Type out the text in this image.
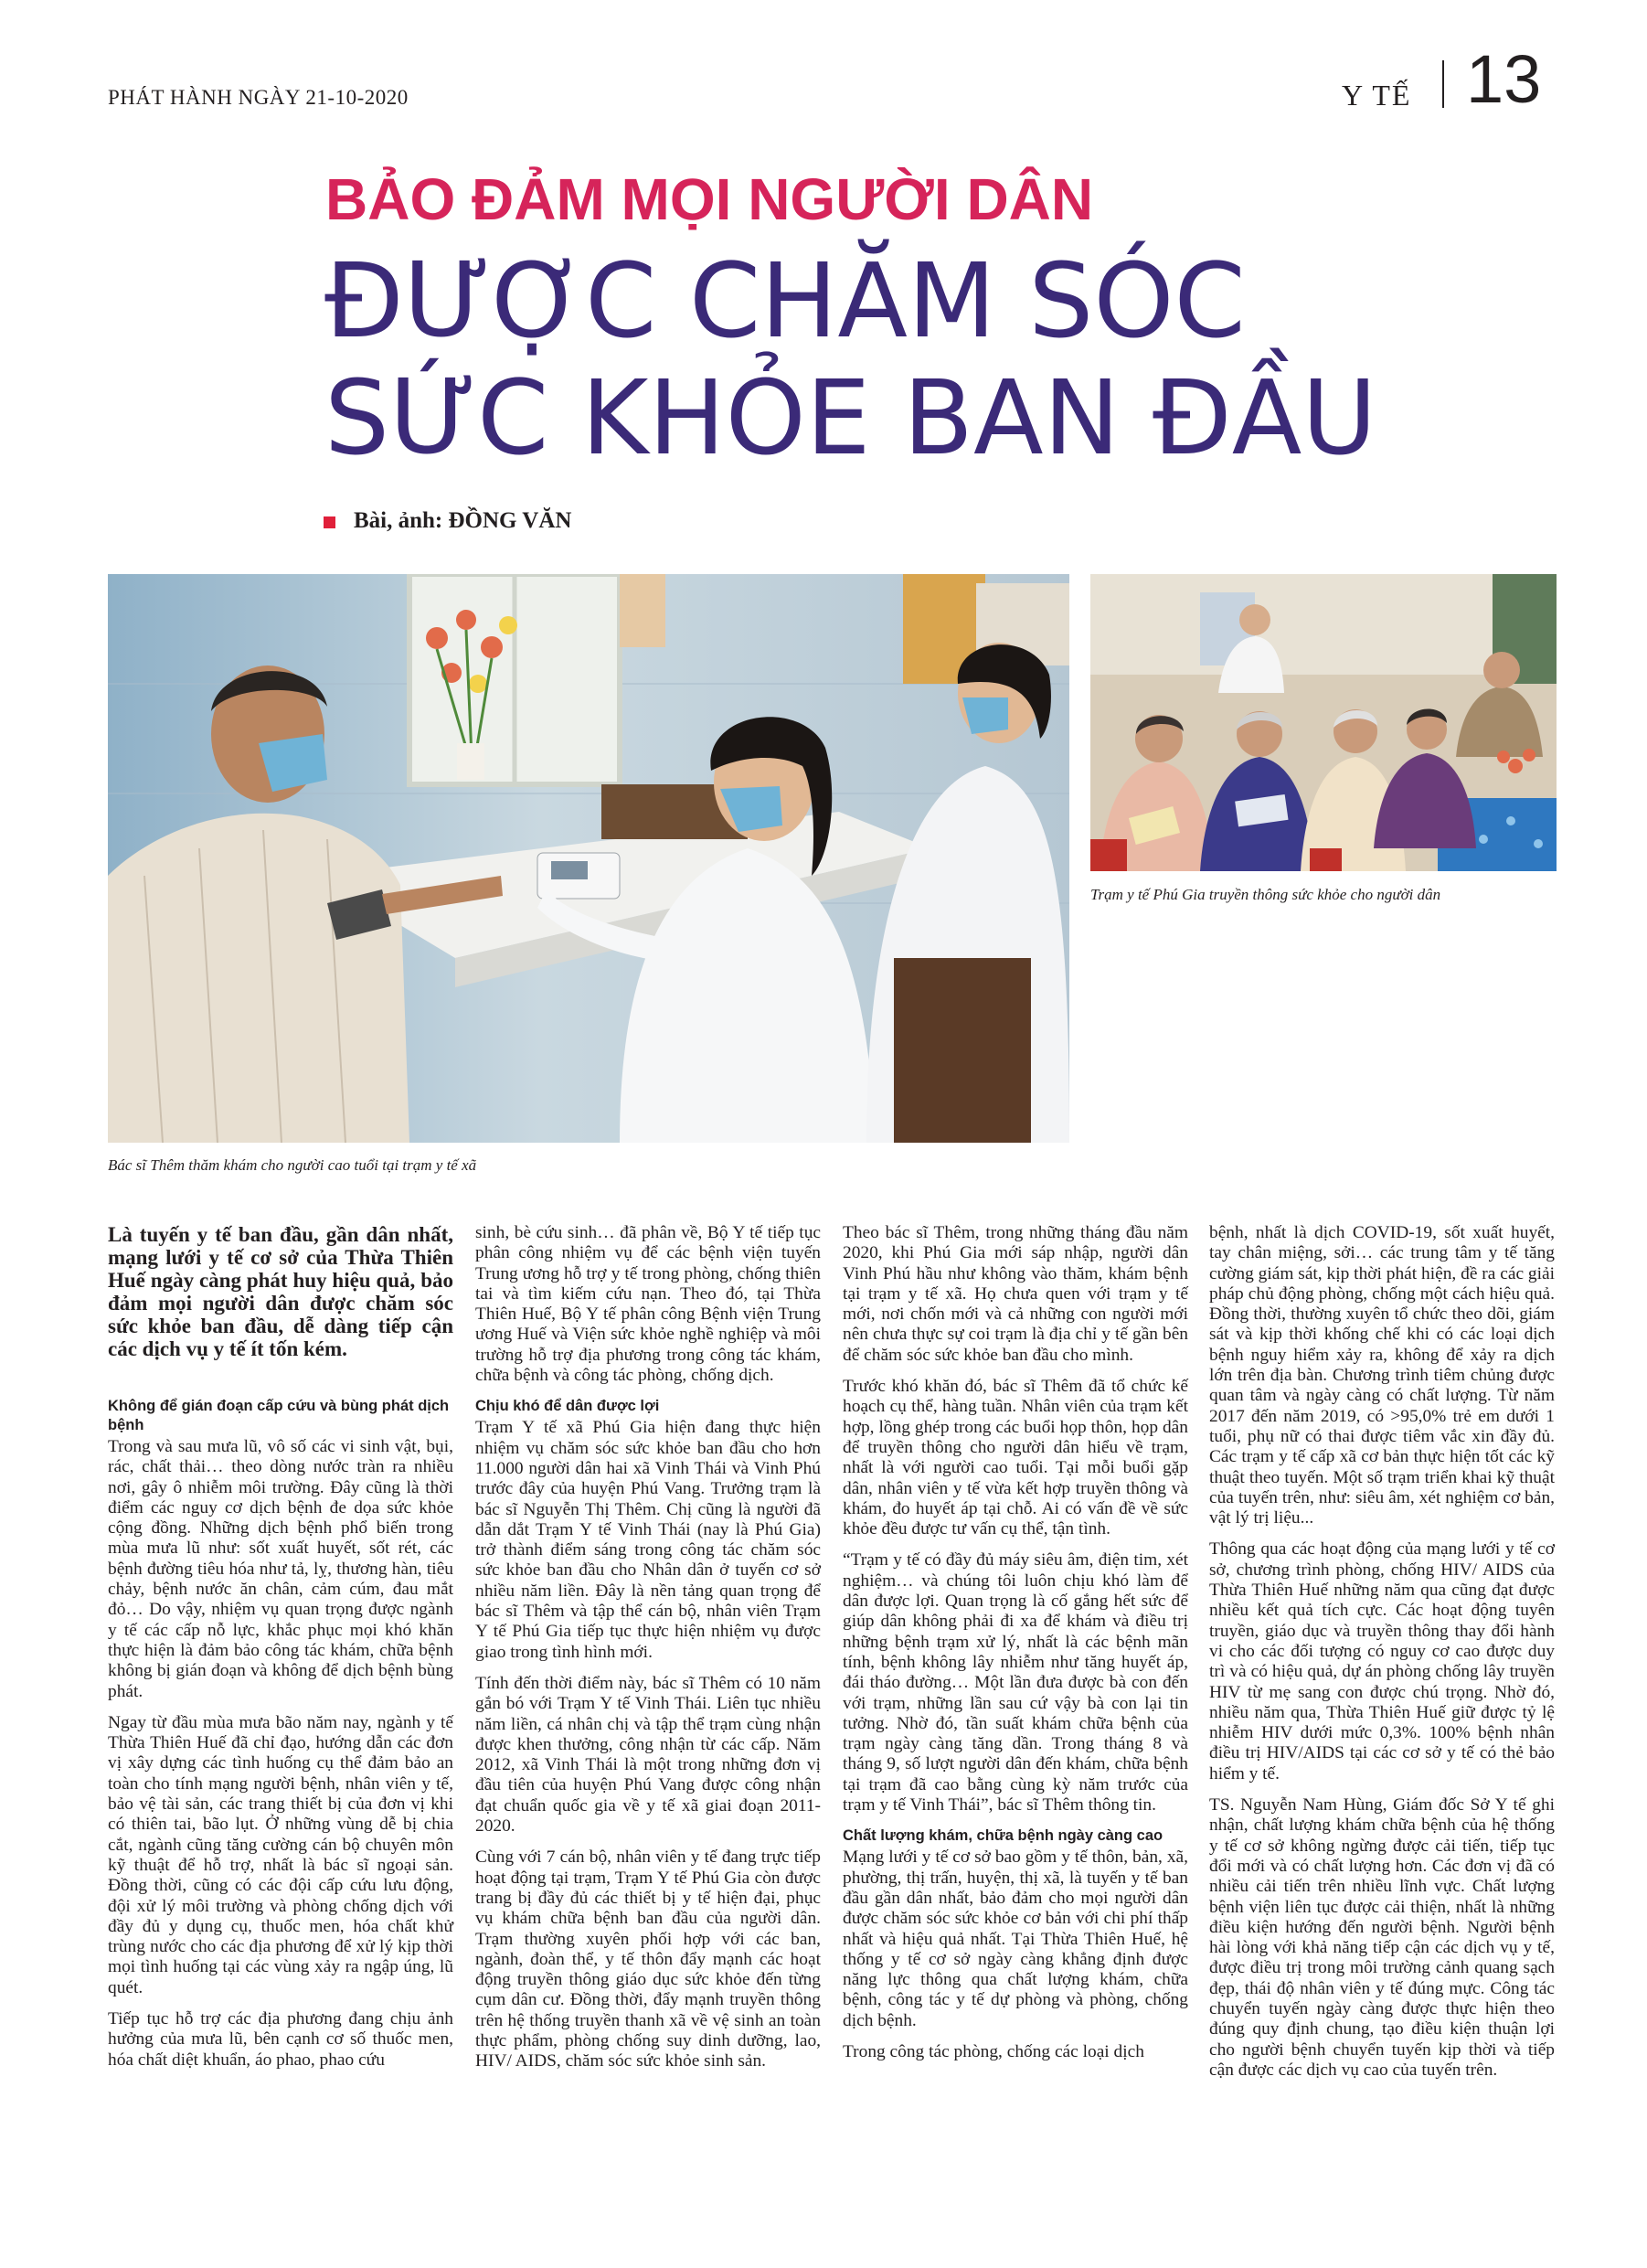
PHÁT HÀNH NGÀY 21-10-2020	Y TẾ 13
BẢO ĐẢM MỌI NGƯỜI DÂN
ĐƯỢC CHĂM SÓC
SỨC KHỎE BAN ĐẦU
Bài, ảnh: ĐỒNG VĂN
Bác sĩ Thêm thăm khám cho người cao tuổi tại trạm y tế xã
Trạm y tế Phú Gia truyền thông sức khỏe cho người dân

Là tuyến y tế ban đầu, gần dân nhất, mạng lưới y tế cơ sở của Thừa Thiên Huế ngày càng phát huy hiệu quả, bảo đảm mọi người dân được chăm sóc sức khỏe ban đầu, dễ dàng tiếp cận các dịch vụ y tế ít tốn kém.

Không để gián đoạn cấp cứu và bùng phát dịch bệnh

Trong và sau mưa lũ, vô số các vi sinh vật, bụi, rác, chất thải… theo dòng nước tràn ra nhiều nơi, gây ô nhiễm môi trường. Đây cũng là thời điểm các nguy cơ dịch bệnh đe dọa sức khỏe cộng đồng. Những dịch bệnh phổ biến trong mùa mưa lũ như: sốt xuất huyết, sốt rét, các bệnh đường tiêu hóa như tả, lỵ, thương hàn, tiêu chảy, bệnh nước ăn chân, cảm cúm, đau mắt đỏ… Do vậy, nhiệm vụ quan trọng được ngành y tế các cấp nỗ lực, khắc phục mọi khó khăn thực hiện là đảm bảo công tác khám, chữa bệnh không bị gián đoạn và không để dịch bệnh bùng phát.

Ngay từ đầu mùa mưa bão năm nay, ngành y tế Thừa Thiên Huế đã chỉ đạo, hướng dẫn các đơn vị xây dựng các tình huống cụ thể đảm bảo an toàn cho tính mạng người bệnh, nhân viên y tế, bảo vệ tài sản, các trang thiết bị của đơn vị khi có thiên tai, bão lụt. Ở những vùng dễ bị chia cắt, ngành cũng tăng cường cán bộ chuyên môn kỹ thuật để hỗ trợ, nhất là bác sĩ ngoại sản. Đồng thời, cũng có các đội cấp cứu lưu động, đội xử lý môi trường và phòng chống dịch với đầy đủ y dụng cụ, thuốc men, hóa chất khử trùng nước cho các địa phương để xử lý kịp thời mọi tình huống tại các vùng xảy ra ngập úng, lũ quét.

Tiếp tục hỗ trợ các địa phương đang chịu ảnh hưởng của mưa lũ, bên cạnh cơ số thuốc men, hóa chất diệt khuẩn, áo phao, phao cứu

sinh, bè cứu sinh… đã phân về, Bộ Y tế tiếp tục phân công nhiệm vụ để các bệnh viện tuyến Trung ương hỗ trợ y tế trong phòng, chống thiên tai và tìm kiếm cứu nạn. Theo đó, tại Thừa Thiên Huế, Bộ Y tế phân công Bệnh viện Trung ương Huế và Viện sức khỏe nghề nghiệp và môi trường hỗ trợ địa phương trong công tác khám, chữa bệnh và công tác phòng, chống dịch.

Chịu khó để dân được lợi

Trạm Y tế xã Phú Gia hiện đang thực hiện nhiệm vụ chăm sóc sức khỏe ban đầu cho hơn 11.000 người dân hai xã Vinh Thái và Vinh Phú trước đây của huyện Phú Vang. Trưởng trạm là bác sĩ Nguyễn Thị Thêm. Chị cũng là người đã dẫn dắt Trạm Y tế Vinh Thái (nay là Phú Gia) trở thành điểm sáng trong công tác chăm sóc sức khỏe ban đầu cho Nhân dân ở tuyến cơ sở nhiều năm liền. Đây là nền tảng quan trọng để bác sĩ Thêm và tập thể cán bộ, nhân viên Trạm Y tế Phú Gia tiếp tục thực hiện nhiệm vụ được giao trong tình hình mới.

Tính đến thời điểm này, bác sĩ Thêm có 10 năm gắn bó với Trạm Y tế Vinh Thái. Liên tục nhiều năm liền, cá nhân chị và tập thể trạm cùng nhận được khen thưởng, công nhận từ các cấp. Năm 2012, xã Vinh Thái là một trong những đơn vị đầu tiên của huyện Phú Vang được công nhận đạt chuẩn quốc gia về y tế xã giai đoạn 2011- 2020.

Cùng với 7 cán bộ, nhân viên y tế đang trực tiếp hoạt động tại trạm, Trạm Y tế Phú Gia còn được trang bị đầy đủ các thiết bị y tế hiện đại, phục vụ khám chữa bệnh ban đầu của người dân. Trạm thường xuyên phối hợp với các ban, ngành, đoàn thể, y tế thôn đẩy mạnh các hoạt động truyền thông giáo dục sức khỏe đến từng cụm dân cư. Đồng thời, đẩy mạnh truyền thông trên hệ thống truyền thanh xã về vệ sinh an toàn thực phẩm, phòng chống suy dinh dưỡng, lao, HIV/ AIDS, chăm sóc sức khỏe sinh sản.

Theo bác sĩ Thêm, trong những tháng đầu năm 2020, khi Phú Gia mới sáp nhập, người dân Vinh Phú hầu như không vào thăm, khám bệnh tại trạm y tế xã. Họ chưa quen với trạm y tế mới, nơi chốn mới và cả những con người mới nên chưa thực sự coi trạm là địa chỉ y tế gần bên để chăm sóc sức khỏe ban đầu cho mình.

Trước khó khăn đó, bác sĩ Thêm đã tổ chức kế hoạch cụ thể, hàng tuần. Nhân viên của trạm kết hợp, lồng ghép trong các buổi họp thôn, họp dân để truyền thông cho người dân hiểu về trạm, nhất là với người cao tuổi. Tại mỗi buổi gặp dân, nhân viên y tế vừa kết hợp truyền thông và khám, đo huyết áp tại chỗ. Ai có vấn đề về sức khỏe đều được tư vấn cụ thể, tận tình.

“Trạm y tế có đầy đủ máy siêu âm, điện tim, xét nghiệm… và chúng tôi luôn chịu khó làm để dân được lợi. Quan trọng là cố gắng hết sức để giúp dân không phải đi xa để khám và điều trị những bệnh trạm xử lý, nhất là các bệnh mãn tính, bệnh không lây nhiễm như tăng huyết áp, đái tháo đường… Một lần đưa được bà con đến với trạm, những lần sau cứ vậy bà con lại tin tưởng. Nhờ đó, tần suất khám chữa bệnh của trạm ngày càng tăng dần. Trong tháng 8 và tháng 9, số lượt người dân đến khám, chữa bệnh tại trạm đã cao bằng cùng kỳ năm trước của trạm y tế Vinh Thái”, bác sĩ Thêm thông tin.

Chất lượng khám, chữa bệnh ngày càng cao

Mạng lưới y tế cơ sở bao gồm y tế thôn, bản, xã, phường, thị trấn, huyện, thị xã, là tuyến y tế ban đầu gần dân nhất, bảo đảm cho mọi người dân được chăm sóc sức khỏe cơ bản với chi phí thấp nhất và hiệu quả nhất. Tại Thừa Thiên Huế, hệ thống y tế cơ sở ngày càng khẳng định được năng lực thông qua chất lượng khám, chữa bệnh, công tác y tế dự phòng và phòng, chống dịch bệnh.

Trong công tác phòng, chống các loại dịch

bệnh, nhất là dịch COVID-19, sốt xuất huyết, tay chân miệng, sởi… các trung tâm y tế tăng cường giám sát, kịp thời phát hiện, đề ra các giải pháp chủ động phòng, chống một cách hiệu quả. Đồng thời, thường xuyên tổ chức theo dõi, giám sát và kịp thời khống chế khi có các loại dịch bệnh nguy hiểm xảy ra, không để xảy ra dịch lớn trên địa bàn. Chương trình tiêm chủng được quan tâm và ngày càng có chất lượng. Từ năm 2017 đến năm 2019, có >95,0% trẻ em dưới 1 tuổi, phụ nữ có thai được tiêm vắc xin đầy đủ. Các trạm y tế cấp xã cơ bản thực hiện tốt các kỹ thuật theo tuyến. Một số trạm triển khai kỹ thuật của tuyến trên, như: siêu âm, xét nghiệm cơ bản, vật lý trị liệu...

Thông qua các hoạt động của mạng lưới y tế cơ sở, chương trình phòng, chống HIV/ AIDS của Thừa Thiên Huế những năm qua cũng đạt được nhiều kết quả tích cực. Các hoạt động tuyên truyền, giáo dục và truyền thông thay đổi hành vi cho các đối tượng có nguy cơ cao được duy trì và có hiệu quả, dự án phòng chống lây truyền HIV từ mẹ sang con được chú trọng. Nhờ đó, nhiều năm qua, Thừa Thiên Huế giữ được tỷ lệ nhiễm HIV dưới mức 0,3%. 100% bệnh nhân điều trị HIV/AIDS tại các cơ sở y tế có thẻ bảo hiểm y tế.

TS. Nguyễn Nam Hùng, Giám đốc Sở Y tế ghi nhận, chất lượng khám chữa bệnh của hệ thống y tế cơ sở không ngừng được cải tiến, tiếp tục đổi mới và có chất lượng hơn. Các đơn vị đã có nhiều cải tiến trên nhiều lĩnh vực. Chất lượng bệnh viện liên tục được cải thiện, nhất là những điều kiện hướng đến người bệnh. Người bệnh hài lòng với khả năng tiếp cận các dịch vụ y tế, được điều trị trong môi trường cảnh quang sạch đẹp, thái độ nhân viên y tế đúng mực. Công tác chuyển tuyến ngày càng được thực hiện theo đúng quy định chung, tạo điều kiện thuận lợi cho người bệnh chuyển tuyến kịp thời và tiếp cận được các dịch vụ cao của tuyến trên.
